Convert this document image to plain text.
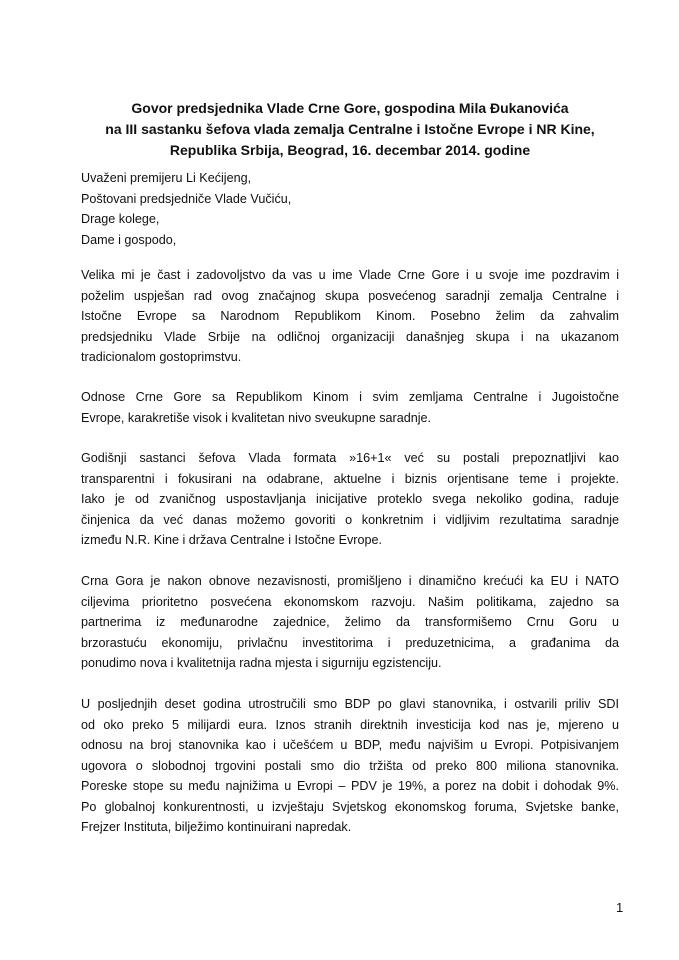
Govor predsjednika Vlade Crne Gore, gospodina Mila Đukanovića
na III sastanku šefova vlada zemalja Centralne i Istočne Evrope i NR Kine,
Republika Srbija, Beograd, 16. decembar 2014. godine
Uvaženi premijeru Li Kećijeng,
Poštovani predsjedniče Vlade Vučiću,
Drage kolege,
Dame i gospodo,
Velika mi je čast i zadovoljstvo da vas u ime Vlade Crne Gore i u svoje ime pozdravim i
poželim uspješan rad ovog značajnog skupa posvećenog saradnji zemalja Centralne i
Istočne Evrope sa Narodnom Republikom Kinom. Posebno želim da zahvalim
predsjedniku Vlade Srbije na odličnoj organizaciji današnjeg skupa i na ukazanom
tradicionalom gostoprimstvu.
Odnose Crne Gore sa Republikom Kinom i svim zemljama Centralne i Jugoistočne
Evrope, karakretiše visok i kvalitetan nivo sveukupne saradnje.
Godišnji sastanci šefova Vlada formata »16+1« već su postali prepoznatljivi kao
transparentni i fokusirani na odabrane, aktuelne i biznis orjentisane teme i projekte.
Iako je od zvaničnog uspostavljanja inicijative proteklo svega nekoliko godina, raduje
činjenica da već danas možemo govoriti o konkretnim i vidljivim rezultatima saradnje
između N.R. Kine i država Centralne i Istočne Evrope.
Crna Gora je nakon obnove nezavisnosti, promišljeno i dinamično krećući ka EU i NATO
ciljevima prioritetno posvećena ekonomskom razvoju. Našim politikama, zajedno sa
partnerima iz međunarodne zajednice, želimo da transformišemo Crnu Goru u
brzorastuću ekonomiju, privlačnu investitorima i preduzetnicima, a građanima da
ponudimo nova i kvalitetnija radna mjesta i sigurniju egzistenciju.
U posljednjih deset godina utrostručili smo BDP po glavi stanovnika, i ostvarili priliv SDI
od oko preko 5 milijardi eura. Iznos stranih direktnih investicija kod nas je, mjereno u
odnosu na broj stanovnika kao i učešćem u BDP, među najvišim u Evropi. Potpisivanjem
ugovora o slobodnoj trgovini postali smo dio tržišta od preko 800 miliona stanovnika.
Poreske stope su među najnižima u Evropi – PDV je 19%, a porez na dobit i dohodak 9%.
Po globalnoj konkurentnosti, u izvještaju Svjetskog ekonomskog foruma, Svjetske banke,
Frejzer Instituta, bilježimo kontinuirani napredak.
1
